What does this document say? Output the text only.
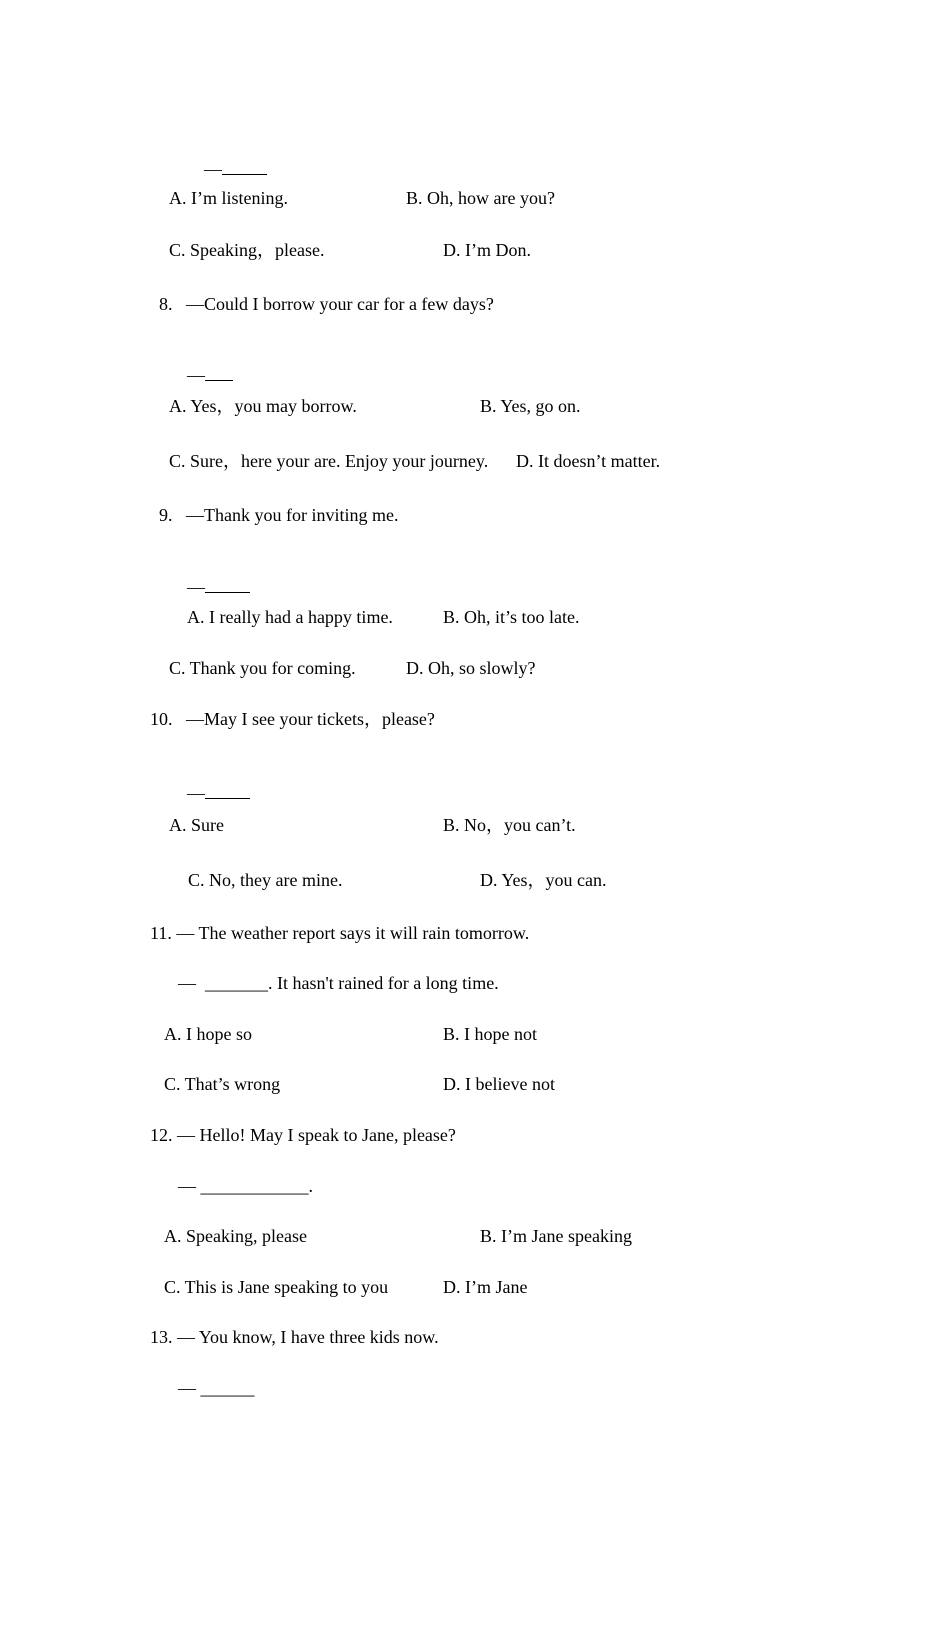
—

A. I’m listening.	B. Oh, how are you?
C. Speaking，please.	D. I’m Don.
8. —Could I borrow your car for a few days?

—

A. Yes，you may borrow.	B. Yes, go on.
C. Sure，here your are. Enjoy your journey. D. It doesn’t matter.
9. —Thank you for inviting me.

—

A. I really had a happy time.	B. Oh, it’s too late.
C. Thank you for coming.	D. Oh, so slowly?
10. —May I see your tickets，please?

—

A. Sure	B. No，you can’t.
C. No, they are mine.	D. Yes，you can.
11. — The weather report says it will rain tomorrow.
—  _______. It hasn't rained for a long time.
A. I hope so	B. I hope not
C. That’s wrong	D. I believe not
12. — Hello! May I speak to Jane, please?
— ____________.
A. Speaking, please	B. I’m Jane speaking
C. This is Jane speaking to you	D. I’m Jane
13. — You know, I have three kids now.
— ______
